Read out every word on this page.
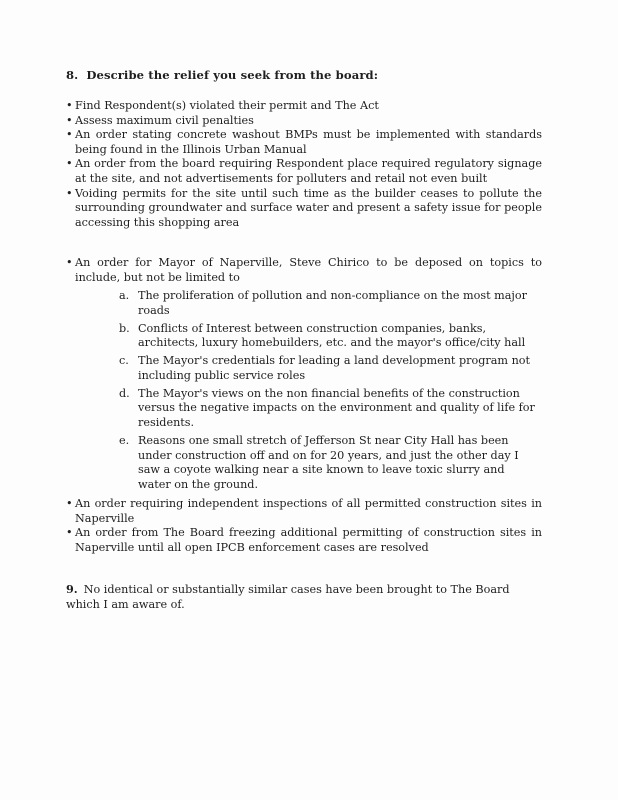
8. Describe the relief you seek from the board:
• Find Respondent(s) violated their permit and The Act
• Assess maximum civil penalties
• An order stating concrete washout BMPs must be implemented with standards being found in the Illinois Urban Manual
• An order from the board requiring Respondent place required regulatory signage at the site, and not advertisements for polluters and retail not even built
• Voiding permits for the site until such time as the builder ceases to pollute the surrounding groundwater and surface water and present a safety issue for people accessing this shopping area
• An order for Mayor of Naperville, Steve Chirico to be deposed on topics to include, but not be limited to
a. The proliferation of pollution and non-compliance on the most major roads
b. Conflicts of Interest between construction companies, banks, architects, luxury homebuilders, etc. and the mayor's office/city hall
c. The Mayor's credentials for leading a land development program not including public service roles
d. The Mayor's views on the non financial benefits of the construction versus the negative impacts on the environment and quality of life for residents.
e. Reasons one small stretch of Jefferson St near City Hall has been under construction off and on for 20 years, and just the other day I saw a coyote walking near a site known to leave toxic slurry and water on the ground.
• An order requiring independent inspections of all permitted construction sites in Naperville
• An order from The Board freezing additional permitting of construction sites in Naperville until all open IPCB enforcement cases are resolved
9. No identical or substantially similar cases have been brought to The Board which I am aware of.
